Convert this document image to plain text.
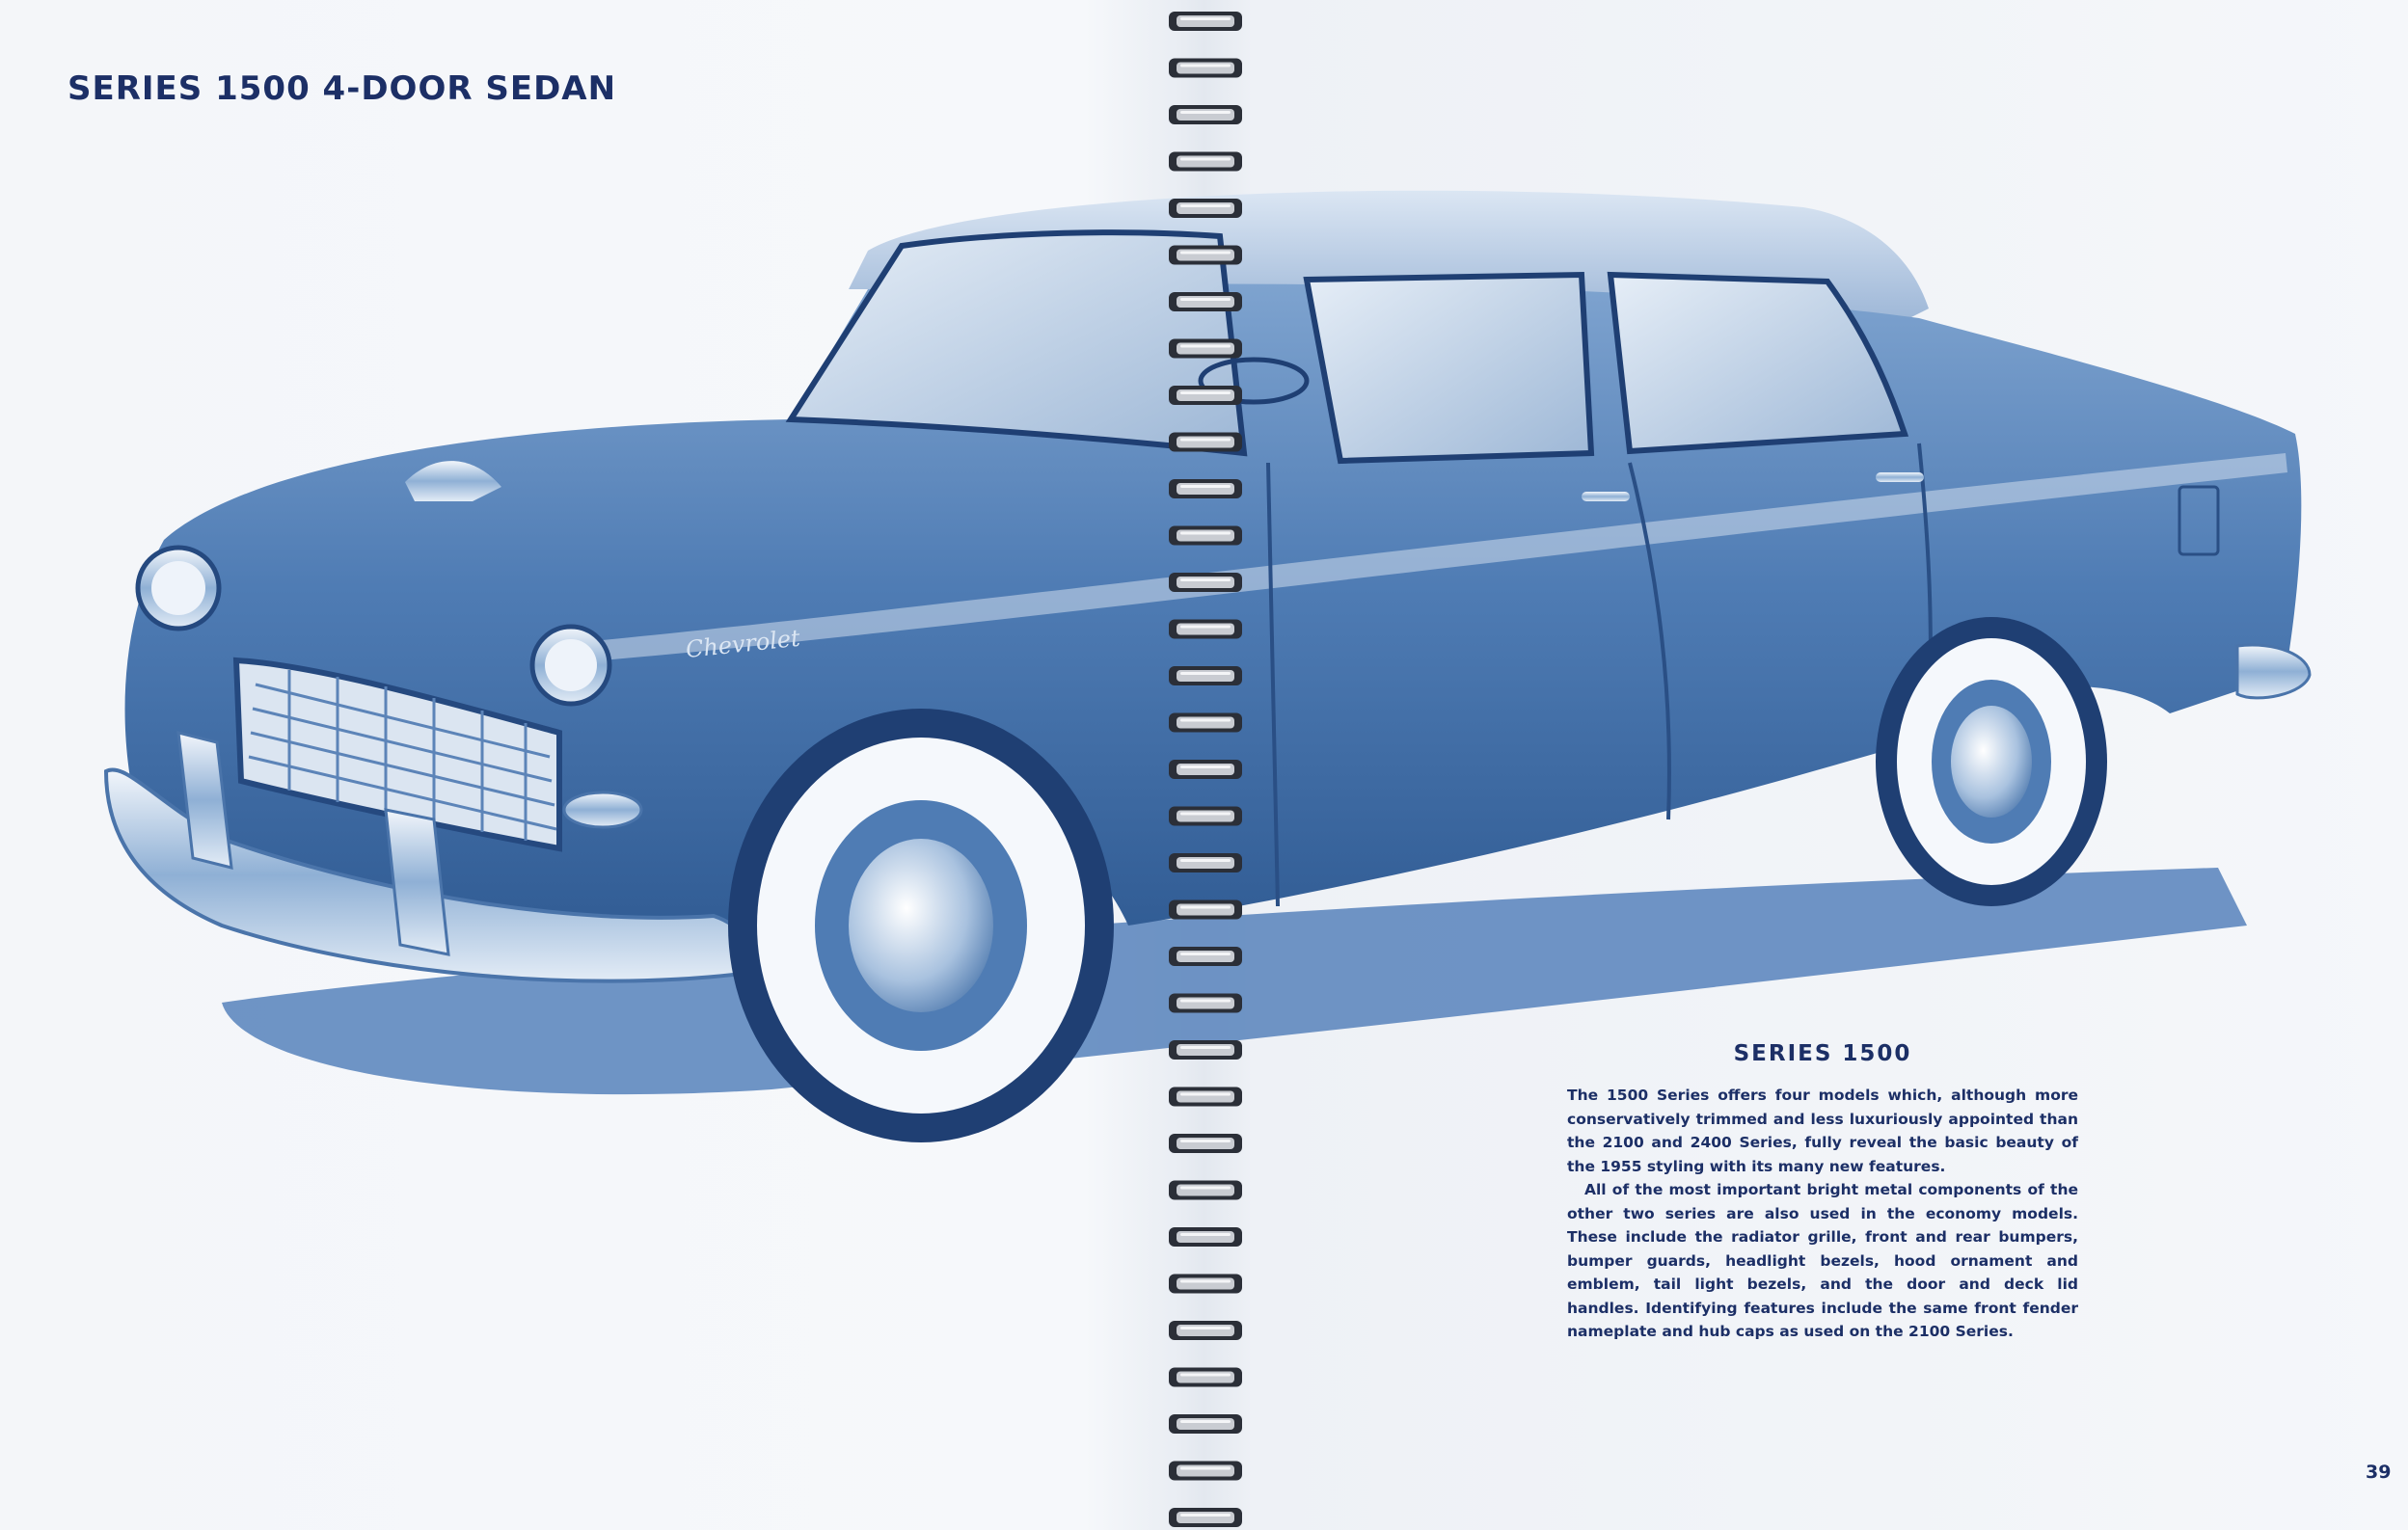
Chevrolet
SERIES 1500 4-DOOR SEDAN
SERIES 1500

The 1500 Series offers four models which, although more conservatively trimmed and less luxuriously appointed than the 2100 and 2400 Series, fully reveal the basic beauty of the 1955 styling with its many new features.

All of the most important bright metal components of the other two series are also used in the economy models. These include the radiator grille, front and rear bumpers, bumper guards, headlight bezels, hood ornament and emblem, tail light bezels, and the door and deck lid handles. Identifying features include the same front fender nameplate and hub caps as used on the 2100 Series.

39
